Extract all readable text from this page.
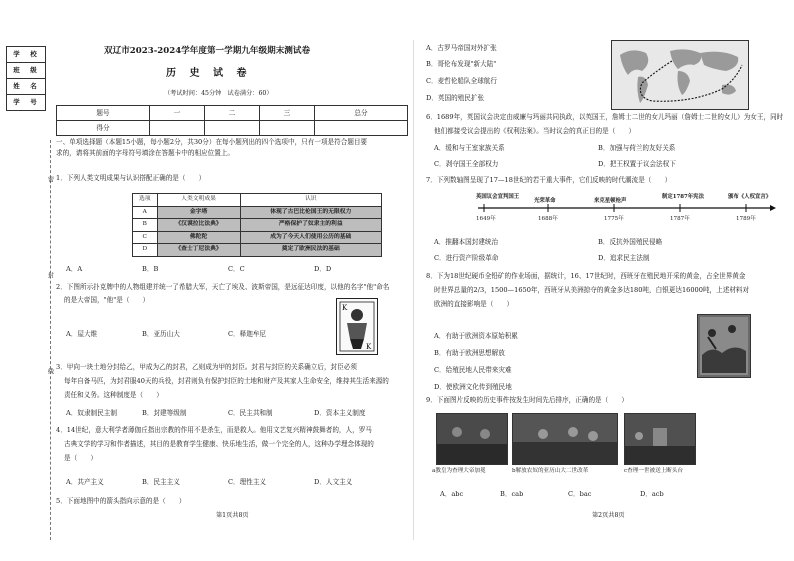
学　校
班　级
姓　名
学　号
密
封
线
双辽市2023-2024学年度第一学期九年级期末测试卷
历 史 试 卷
（考试时间：45分钟　试卷满分：60）
题号	一	二	三	总分
得分				
一、单项选择题（本题15小题，每小题2分，共30分）在每小题列出的四个选项中，只有一项是符合题目要
求的，请将其前面的字母符号填涂在答题卡中的相应位置上。
1．下列人类文明成果与认识搭配正确的是（　　）
选项	人类文明成果	认识
A	金字塔	体现了古巴比伦国王的无限权力
B	《汉谟拉比法典》	严格保护了奴隶主的利益
C	佛陀陀	成为了今天人们使用公历的基础
D	《查士丁尼法典》	奠定了欧洲民法的基础
A．A	B．B	C．C	D．D
2．下图所示扑克牌中的人物组建并统一了希腊大军，天亡了埃及、波斯帝国，是远征达印度，以他的名字"他"命名
的是大帝国，"他"是（　　）
K
K
A．屋大维	B．亚历山大	C．释迦牟尼
3．甲向一块土地分封给乙，甲成为乙的封君，乙则成为甲的封臣。封君与封臣的关系确立后，封臣必须
每年自备马匹，为封君服40天的兵役，封君则负有保护封臣的土地和财产及其家人生命安全，维持其生活来源的
责任和义务。这种制度是（　　）
A．奴隶制民主制	B．封建等级制	C．民主共和制	D．资本主义制度
4．14世纪，意大利学者薄伽丘指出宗教的作用不是杀生，而是救人。他用文艺复兴精神鼓舞者的，人，罗马
古典文学的学习和作者描述，其目的是教育学生健康、快乐地生活，做一个完全的人，这种办学理念体现的
是（　　）
A．共产主义	B．民主主义	C．理性主义	D．人文主义
5．下面地图中的箭头指向示意的是（　　）
第1页共8页
A．古罗马帝国对外扩张
B．哥伦布发现"新大陆"
C．麦哲伦船队全球航行
D．英国的殖民扩张
6．1689年，英国议会决定由威廉与玛丽共同执政，以英国王，詹姆士二世的女儿玛丽（詹姆士二世的女儿）为女王，同时
他们都接受议会提出的《权利法案》。当时议会的真正目的是（　　）
A．缓和与王室家族关系	B．加强与荷兰的友好关系
C．剥夺国王全部权力	D．把王权置于议会法权下
7．下列数轴图呈现了17—18世纪的若干重大事件，它们反映的时代潮流是（　　）
英国议会宣判国王
光荣革命	来克星顿枪声
制定1787年宪法	颁布《人权宣言》
1649年	1688年	1775年	1787年	1789年
A．推翻本国封建统治	B．反抗外国殖民侵略
C．进行资产阶级革命	D．追求民主法制
8．下为18世纪硬币全铅矿的作业场面，据统计，16、17世纪时，西班牙在殖民地开采的黄金，占全世界黄金
时世界总量的2/3，1500—1650年，西班牙从美洲掠夺的黄金多达180吨，白银更达16000吨，上述材料对
欧洲的直接影响是（　　）
A．有助于欧洲资本原始积累
B．有助于欧洲思想解放
C．给殖民地人民带来灾难
D．使欧洲文化传到殖民地
9．下面图片反映的历史事件按发生时间先后排序，正确的是（　　）
a教皇为查理大帝加冕	b解放农奴的亚历山大二世改革	c查理一世被送上断头台
A．abc	B．cab	C．bac	D．acb
第2页共8页
